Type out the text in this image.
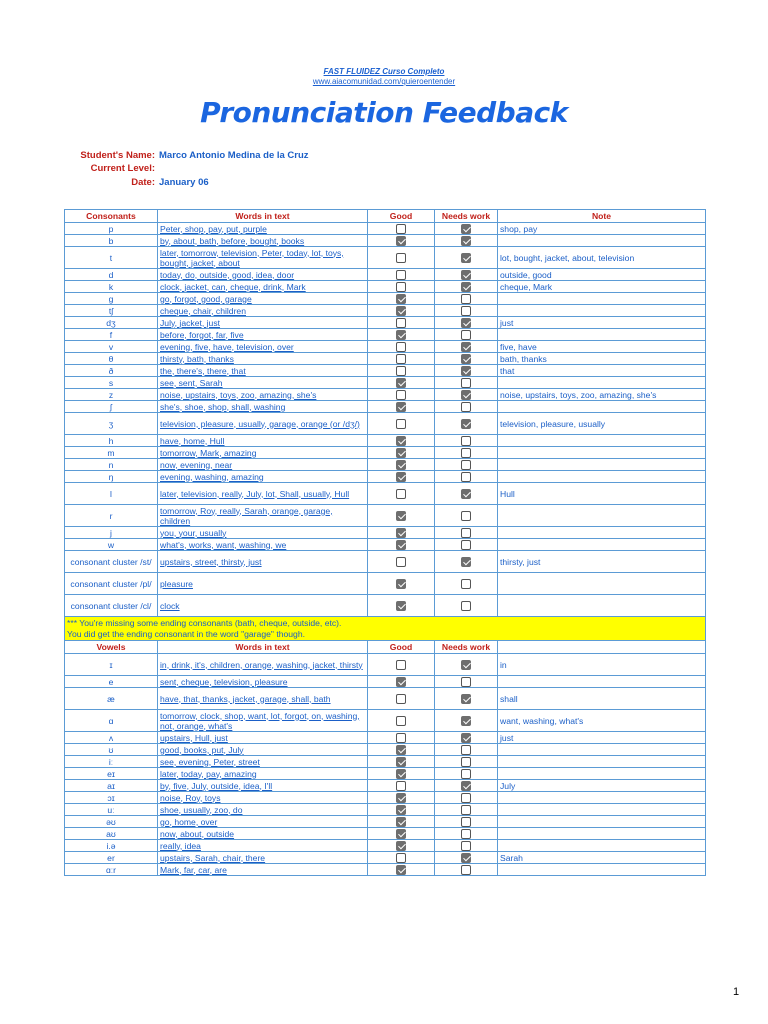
FAST FLUIDEZ Curso Completo
www.aiacomunidad.com/quieroentender
Pronunciation Feedback
Student's Name: Marco Antonio Medina de la Cruz
Current Level:
Date: January 06
Consonants	Words in text	Good	Needs work	Note
p	Peter, shop, pay, put, purple			shop, pay
b	by, about, bath, before, bought, books			
t	later, tomorrow, television, Peter, today, lot, toys, bought, jacket, about			lot, bought, jacket, about, television
d	today, do, outside, good, idea, door			outside, good
k	clock, jacket, can, cheque, drink, Mark			cheque, Mark
g	go, forgot, good, garage			
tʃ	cheque, chair, children			
dʒ	July, jacket, just			just
f	before, forgot, far, five			
v	evening, five, have, television, over			five, have
θ	thirsty, bath, thanks			bath, thanks
ð	the, there's, there, that			that
s	see, sent, Sarah			
z	noise, upstairs, toys, zoo, amazing, she's			noise, upstairs, toys, zoo, amazing, she's
ʃ	she's, shoe, shop, shall, washing			
ʒ	television, pleasure, usually, garage, orange (or /dʒ/)			television, pleasure, usually
h	have, home, Hull			
m	tomorrow, Mark, amazing			
n	now, evening, near			
ŋ	evening, washing, amazing			
l	later, television, really, July, lot, Shall, usually, Hull			Hull
r	tomorrow, Roy, really, Sarah, orange, garage, children			
j	you, your, usually			
w	what's, works, want, washing, we			
consonant cluster /st/	upstairs, street, thirsty, just			thirsty, just
consonant cluster /pl/	pleasure			
consonant cluster /cl/	clock			

*** You're missing some ending consonants (bath, cheque, outside, etc).
You did get the ending consonant in the word "garage" though.				

Vowels	Words in text	Good	Needs work	
ɪ	in, drink, it's, children, orange, washing, jacket, thirsty			in
e	sent, cheque, television, pleasure			
æ	have, that, thanks, jacket, garage, shall, bath			shall
ɑ	tomorrow, clock, shop, want, lot, forgot, on, washing, not, orange, what's			want, washing, what's
ʌ	upstairs, Hull, just			just
ʊ	good, books, put, July			
iː	see, evening, Peter, street			
eɪ	later, today, pay, amazing			
aɪ	by, five, July, outside, idea, I'll			July
ɔɪ	noise, Roy, toys			
uː	shoe, usually, zoo, do			
əʊ	go, home, over			
aʊ	now, about, outside			
i.ə	really, idea			
er	upstairs, Sarah, chair, there			Sarah
ɑːr	Mark, far, car, are			
1
